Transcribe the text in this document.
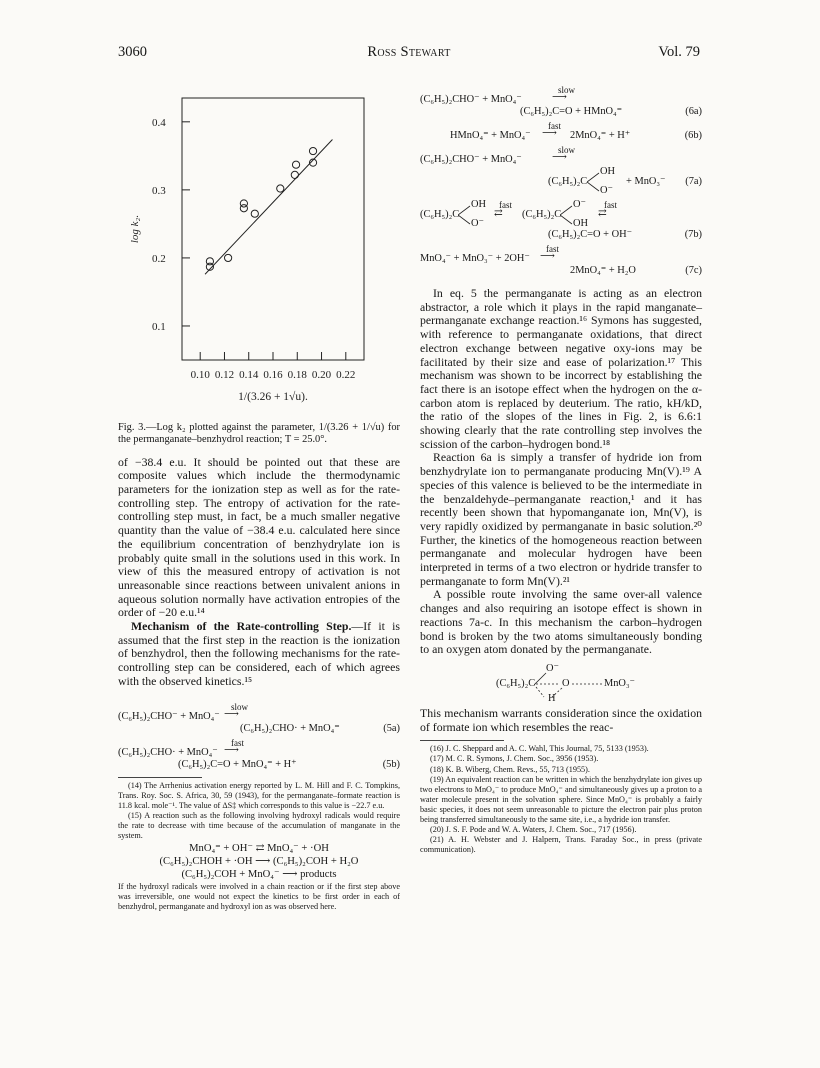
3060	Ross Stewart	Vol. 79
0.1
0.2
0.3
0.4
0.10 0.12 0.14 0.16 0.18 0.20 0.22
log k₂.
1/(3.26 + 1√u).
Fig. 3.—Log k₂ plotted against the parameter, 1/(3.26 + 1/√u) for the permanganate–benzhydrol reaction; T = 25.0°.

of −38.4 e.u. It should be pointed out that these are composite values which include the thermodynamic parameters for the ionization step as well as for the rate-controlling step. The entropy of activation for the rate-controlling step must, in fact, be a much smaller negative quantity than the value of −38.4 e.u. calculated here since the equilibrium concentration of benzhydrylate ion is probably quite small in the solutions used in this work. In view of this the measured entropy of activation is not unreasonable since reactions between univalent anions in aqueous solution normally have activation entropies of the order of −20 e.u.¹⁴

Mechanism of the Rate-controlling Step.—If it is assumed that the first step in the reaction is the ionization of benzhydrol, then the following mechanisms for the rate-controlling step can be considered, each of which agrees with the observed kinetics.¹⁵

slow
(C₆H₅)₂CHO⁻ + MnO₄⁻ ⟶
(C₆H₅)₂CHO· + MnO₄⁼	(5a)
fast
(C₆H₅)₂CHO· + MnO₄⁻ ⟶
(C₆H₅)₂C=O + MnO₄⁼ + H⁺	(5b)

(14) The Arrhenius activation energy reported by L. M. Hill and F. C. Tompkins, Trans. Roy. Soc. S. Africa, 30, 59 (1943), for the permanganate–formate reaction is 11.8 kcal. mole⁻¹. The value of ΔS‡ which corresponds to this value is −22.7 e.u.

(15) A reaction such as the following involving hydroxyl radicals would require the rate to decrease with time because of the accumulation of manganate in the system.

MnO₄⁼ + OH⁻ ⇄ MnO₄⁻ + ·OH
(C₆H₅)₂CHOH + ·OH ⟶ (C₆H₅)₂COH + H₂O
(C₆H₅)₂COH + MnO₄⁻ ⟶ products

If the hydroxyl radicals were involved in a chain reaction or if the first step above was irreversible, one would not expect the kinetics to be first order in each of benzhydrol, permanganate and hydroxyl ion as was observed here.

slow
(C₆H₅)₂CHO⁻ + MnO₄⁻	⟶
(C₆H₅)₂C=O + HMnO₄⁼	(6a)
fast
HMnO₄⁼ + MnO₄⁻ ⟶ 2MnO₄⁼ + H⁺	(6b)
slow
(C₆H₅)₂CHO⁻ + MnO₄⁻	⟶
(C₆H₅)₂C
OH
O⁻
+ MnO₃⁻ (7a)
(C₆H₅)₂C
OH
O⁻
fast
⇄ (C₆H₅)₂C
O⁻
OH
fast
⇄
(C₆H₅)₂C=O + OH⁻	(7b)
fast
MnO₄⁻ + MnO₃⁻ + 2OH⁻ ⟶
2MnO₄⁼ + H₂O	(7c)

In eq. 5 the permanganate is acting as an electron abstractor, a role which it plays in the rapid manganate–permanganate exchange reaction.¹⁶ Symons has suggested, with reference to permanganate oxidations, that direct electron exchange between negative oxy-ions may be facilitated by their size and ease of polarization.¹⁷ This mechanism was shown to be incorrect by establishing the fact there is an isotope effect when the hydrogen on the α-carbon atom is replaced by deuterium. The ratio, kH/kD, the ratio of the slopes of the lines in Fig. 2, is 6.6:1 showing clearly that the rate controlling step involves the scission of the carbon–hydrogen bond.¹⁸

Reaction 6a is simply a transfer of hydride ion from benzhydrylate ion to permanganate producing Mn(V).¹⁹ A species of this valence is believed to be the intermediate in the benzaldehyde–permanganate reaction,¹ and it has recently been shown that hypomanganate ion, Mn(V), is very rapidly oxidized by permanganate in basic solution.²⁰ Further, the kinetics of the homogeneous reaction between permanganate and molecular hydrogen have been interpreted in terms of a two electron or hydride transfer to permanganate to form Mn(V).²¹

A possible route involving the same over-all valence changes and also requiring an isotope effect is shown in reactions 7a-c. In this mechanism the carbon–hydrogen bond is broken by the two atoms simultaneously bonding to an oxygen atom donated by the permanganate.

(C₆H₅)₂C
O⁻
O	MnO₃⁻
H

This mechanism warrants consideration since the oxidation of formate ion which resembles the reac-

(16) J. C. Sheppard and A. C. Wahl, This Journal, 75, 5133 (1953).

(17) M. C. R. Symons, J. Chem. Soc., 3956 (1953).

(18) K. B. Wiberg, Chem. Revs., 55, 713 (1955).

(19) An equivalent reaction can be written in which the benzhydrylate ion gives up two electrons to MnO₄⁻ to produce MnO₄⁼ and simultaneously gives up a proton to a water molecule present in the solvation sphere. Since MnO₄⁼ is probably a fairly basic species, it does not seem unreasonable to picture the electron pair plus proton being transferred simultaneously to the same site, i.e., a hydride ion transfer.

(20) J. S. F. Pode and W. A. Waters, J. Chem. Soc., 717 (1956).

(21) A. H. Webster and J. Halpern, Trans. Faraday Soc., in press (private communication).
